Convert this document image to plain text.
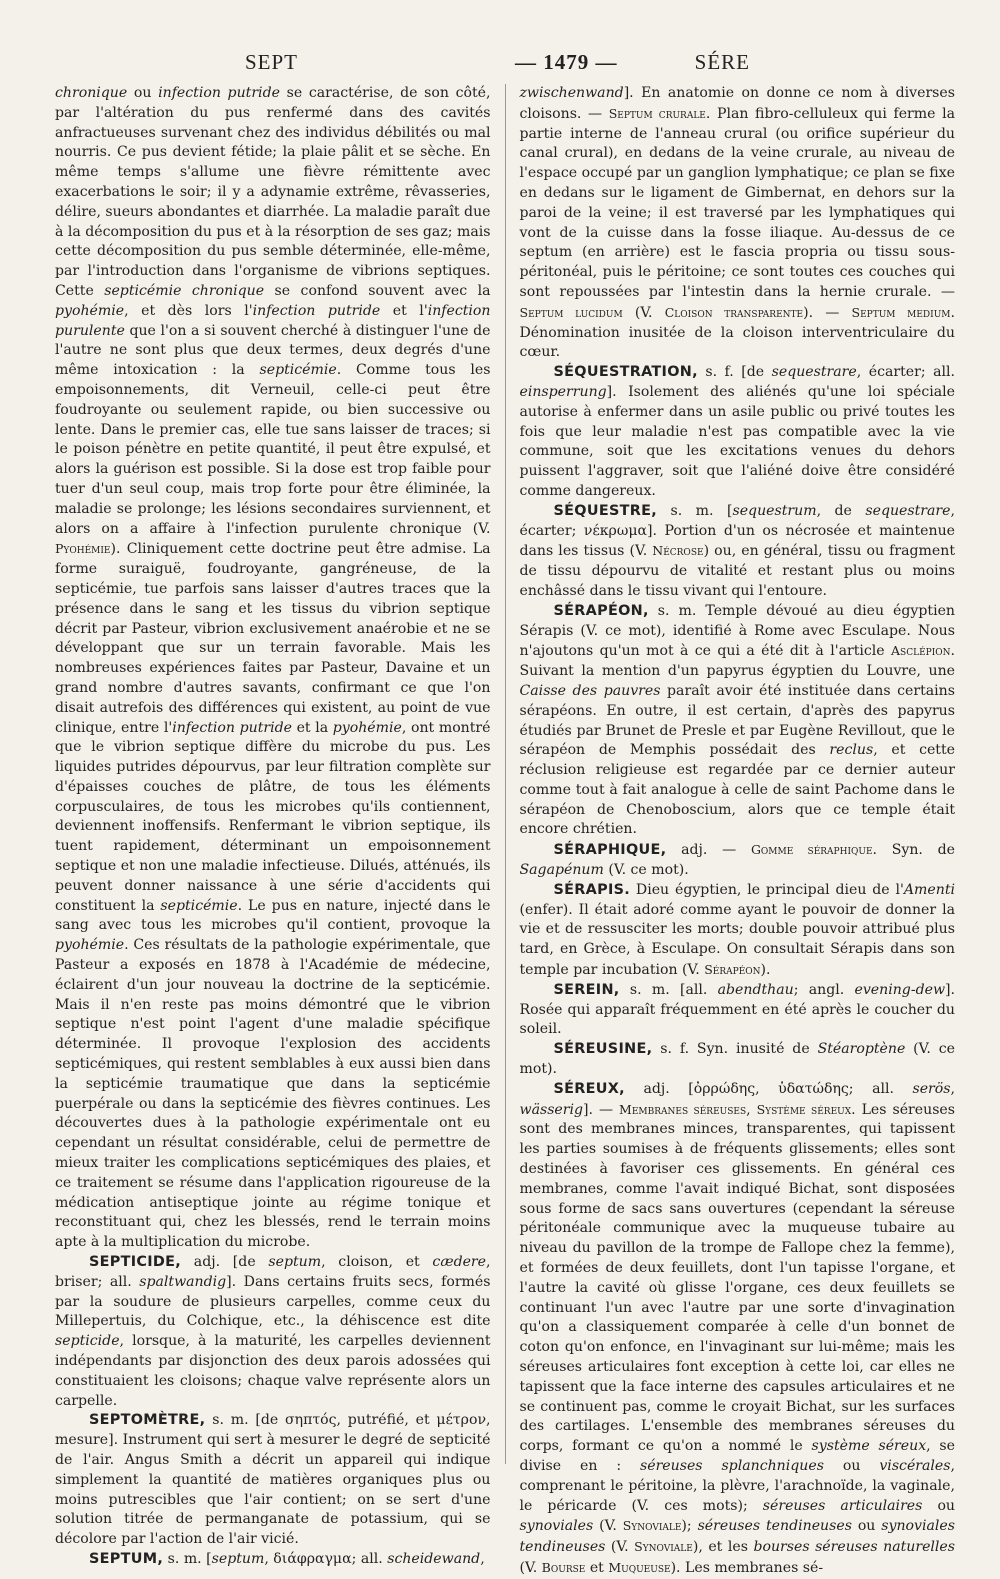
SEPT	— 1479 —	SÉRE

chronique ou infection putride se caractérise, de son côté, par l'altération du pus renfermé dans des cavités anfractueuses survenant chez des individus débilités ou mal nourris. Ce pus devient fétide; la plaie pâlit et se sèche. En même temps s'allume une fièvre rémittente avec exacerbations le soir; il y a adynamie extrême, rêvasseries, délire, sueurs abondantes et diarrhée. La maladie paraît due à la décomposition du pus et à la résorption de ses gaz; mais cette décomposition du pus semble déterminée, elle-même, par l'introduction dans l'organisme de vibrions septiques. Cette septicémie chronique se confond souvent avec la pyohémie, et dès lors l'infection putride et l'infection purulente que l'on a si souvent cherché à distinguer l'une de l'autre ne sont plus que deux termes, deux degrés d'une même intoxication : la septicémie. Comme tous les empoisonnements, dit Verneuil, celle-ci peut être foudroyante ou seulement rapide, ou bien successive ou lente. Dans le premier cas, elle tue sans laisser de traces; si le poison pénètre en petite quantité, il peut être expulsé, et alors la guérison est possible. Si la dose est trop faible pour tuer d'un seul coup, mais trop forte pour être éliminée, la maladie se prolonge; les lésions secondaires surviennent, et alors on a affaire à l'infection purulente chronique (V. Pyohémie). Cliniquement cette doctrine peut être admise. La forme suraiguë, foudroyante, gangréneuse, de la septicémie, tue parfois sans laisser d'autres traces que la présence dans le sang et les tissus du vibrion septique décrit par Pasteur, vibrion exclusivement anaérobie et ne se développant que sur un terrain favorable. Mais les nombreuses expériences faites par Pasteur, Davaine et un grand nombre d'autres savants, confirmant ce que l'on disait autrefois des différences qui existent, au point de vue clinique, entre l'infection putride et la pyohémie, ont montré que le vibrion septique diffère du microbe du pus. Les liquides putrides dépourvus, par leur filtration complète sur d'épaisses couches de plâtre, de tous les éléments corpusculaires, de tous les microbes qu'ils contiennent, deviennent inoffensifs. Renfermant le vibrion septique, ils tuent rapidement, déterminant un empoisonnement septique et non une maladie infectieuse. Dilués, atténués, ils peuvent donner naissance à une série d'accidents qui constituent la septicémie. Le pus en nature, injecté dans le sang avec tous les microbes qu'il contient, provoque la pyohémie. Ces résultats de la pathologie expérimentale, que Pasteur a exposés en 1878 à l'Académie de médecine, éclairent d'un jour nouveau la doctrine de la septicémie. Mais il n'en reste pas moins démontré que le vibrion septique n'est point l'agent d'une maladie spécifique déterminée. Il provoque l'explosion des accidents septicémiques, qui restent semblables à eux aussi bien dans la septicémie traumatique que dans la septicémie puerpérale ou dans la septicémie des fièvres continues. Les découvertes dues à la pathologie expérimentale ont eu cependant un résultat considérable, celui de permettre de mieux traiter les complications septicémiques des plaies, et ce traitement se résume dans l'application rigoureuse de la médication antiseptique jointe au régime tonique et reconstituant qui, chez les blessés, rend le terrain moins apte à la multiplication du microbe.

SEPTICIDE, adj. [de septum, cloison, et cædere, briser; all. spaltwandig]. Dans certains fruits secs, formés par la soudure de plusieurs carpelles, comme ceux du Millepertuis, du Colchique, etc., la déhiscence est dite septicide, lorsque, à la maturité, les carpelles deviennent indépendants par disjonction des deux parois adossées qui constituaient les cloisons; chaque valve représente alors un carpelle.

SEPTOMÈTRE, s. m. [de σηπτός, putréfié, et μέτρον, mesure]. Instrument qui sert à mesurer le degré de septicité de l'air. Angus Smith a décrit un appareil qui indique simplement la quantité de matières organiques plus ou moins putrescibles que l'air contient; on se sert d'une solution titrée de permanganate de potassium, qui se décolore par l'action de l'air vicié.

SEPTUM, s. m. [septum, διάφραγμα; all. scheidewand,

zwischenwand]. En anatomie on donne ce nom à diverses cloisons. — Septum crurale. Plan fibro-celluleux qui ferme la partie interne de l'anneau crural (ou orifice supérieur du canal crural), en dedans de la veine crurale, au niveau de l'espace occupé par un ganglion lymphatique; ce plan se fixe en dedans sur le ligament de Gimbernat, en dehors sur la paroi de la veine; il est traversé par les lymphatiques qui vont de la cuisse dans la fosse iliaque. Au-dessus de ce septum (en arrière) est le fascia propria ou tissu sous-péritonéal, puis le péritoine; ce sont toutes ces couches qui sont repoussées par l'intestin dans la hernie crurale. — Septum lucidum (V. Cloison transparente). — Septum medium. Dénomination inusitée de la cloison interventriculaire du cœur.

SÉQUESTRATION, s. f. [de sequestrare, écarter; all. einsperrung]. Isolement des aliénés qu'une loi spéciale autorise à enfermer dans un asile public ou privé toutes les fois que leur maladie n'est pas compatible avec la vie commune, soit que les excitations venues du dehors puissent l'aggraver, soit que l'aliéné doive être considéré comme dangereux.

SÉQUESTRE, s. m. [sequestrum, de sequestrare, écarter; νέκρωμα]. Portion d'un os nécrosée et maintenue dans les tissus (V. Nécrose) ou, en général, tissu ou fragment de tissu dépourvu de vitalité et restant plus ou moins enchâssé dans le tissu vivant qui l'entoure.

SÉRAPÉON, s. m. Temple dévoué au dieu égyptien Sérapis (V. ce mot), identifié à Rome avec Esculape. Nous n'ajoutons qu'un mot à ce qui a été dit à l'article Asclépion. Suivant la mention d'un papyrus égyptien du Louvre, une Caisse des pauvres paraît avoir été instituée dans certains sérapéons. En outre, il est certain, d'après des papyrus étudiés par Brunet de Presle et par Eugène Revillout, que le sérapéon de Memphis possédait des reclus, et cette réclusion religieuse est regardée par ce dernier auteur comme tout à fait analogue à celle de saint Pachome dans le sérapéon de Chenoboscium, alors que ce temple était encore chrétien.

SÉRAPHIQUE, adj. — Gomme séraphique. Syn. de Sagapénum (V. ce mot).

SÉRAPIS. Dieu égyptien, le principal dieu de l'Amenti (enfer). Il était adoré comme ayant le pouvoir de donner la vie et de ressusciter les morts; double pouvoir attribué plus tard, en Grèce, à Esculape. On consultait Sérapis dans son temple par incubation (V. Sérapéon).

SEREIN, s. m. [all. abendthau; angl. evening-dew]. Rosée qui apparaît fréquemment en été après le coucher du soleil.

SÉREUSINE, s. f. Syn. inusité de Stéaroptène (V. ce mot).

SÉREUX, adj. [ὀρρώδης, ὑδατώδης; all. serös, wässerig]. — Membranes séreuses, Système séreux. Les séreuses sont des membranes minces, transparentes, qui tapissent les parties soumises à de fréquents glissements; elles sont destinées à favoriser ces glissements. En général ces membranes, comme l'avait indiqué Bichat, sont disposées sous forme de sacs sans ouvertures (cependant la séreuse péritonéale communique avec la muqueuse tubaire au niveau du pavillon de la trompe de Fallope chez la femme), et formées de deux feuillets, dont l'un tapisse l'organe, et l'autre la cavité où glisse l'organe, ces deux feuillets se continuant l'un avec l'autre par une sorte d'invagination qu'on a classiquement comparée à celle d'un bonnet de coton qu'on enfonce, en l'invaginant sur lui-même; mais les séreuses articulaires font exception à cette loi, car elles ne tapissent que la face interne des capsules articulaires et ne se continuent pas, comme le croyait Bichat, sur les surfaces des cartilages. L'ensemble des membranes séreuses du corps, formant ce qu'on a nommé le système séreux, se divise en : séreuses splanchniques ou viscérales, comprenant le péritoine, la plèvre, l'arachnoïde, la vaginale, le péricarde (V. ces mots); séreuses articulaires ou synoviales (V. Synoviale); séreuses tendineuses ou synoviales tendineuses (V. Synoviale), et les bourses séreuses naturelles (V. Bourse et Muqueuse). Les membranes sé-
